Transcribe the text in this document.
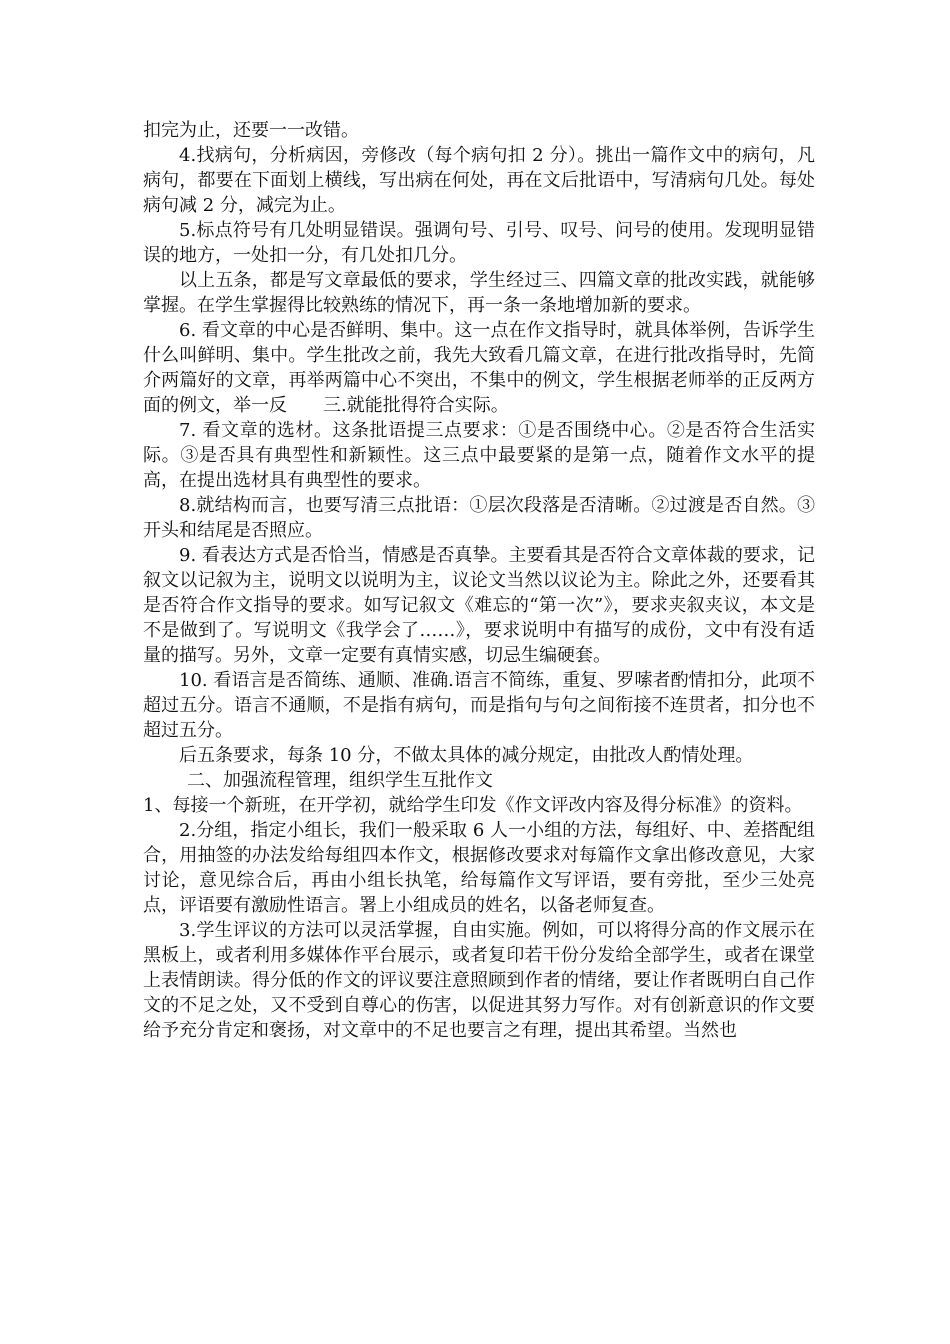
扣完为止，还要一一改错。

4.找病句，分析病因，旁修改（每个病句扣 2 分）。挑出一篇作文中的病句，凡病句，都要在下面划上横线，写出病在何处，再在文后批语中，写清病句几处。每处病句减 2 分，减完为止。

5.标点符号有几处明显错误。强调句号、引号、叹号、问号的使用。发现明显错误的地方，一处扣一分，有几处扣几分。

以上五条，都是写文章最低的要求，学生经过三、四篇文章的批改实践，就能够掌握。在学生掌握得比较熟练的情况下，再一条一条地增加新的要求。

6. 看文章的中心是否鲜明、集中。这一点在作文指导时，就具体举例，告诉学生什么叫鲜明、集中。学生批改之前，我先大致看几篇文章，在进行批改指导时，先简介两篇好的文章，再举两篇中心不突出，不集中的例文，学生根据老师举的正反两方面的例文，举一反　　三.就能批得符合实际。

7. 看文章的选材。这条批语提三点要求：①是否围绕中心。②是否符合生活实际。③是否具有典型性和新颖性。这三点中最要紧的是第一点，随着作文水平的提高，在提出选材具有典型性的要求。

8.就结构而言，也要写清三点批语：①层次段落是否清晰。②过渡是否自然。③开头和结尾是否照应。

9. 看表达方式是否恰当，情感是否真挚。主要看其是否符合文章体裁的要求，记叙文以记叙为主，说明文以说明为主，议论文当然以议论为主。除此之外，还要看其是否符合作文指导的要求。如写记叙文《难忘的“第一次”》，要求夹叙夹议，本文是不是做到了。写说明文《我学会了……》，要求说明中有描写的成份，文中有没有适量的描写。另外，文章一定要有真情实感，切忌生编硬套。

10. 看语言是否简练、通顺、准确.语言不简练，重复、罗嗦者酌情扣分，此项不超过五分。语言不通顺，不是指有病句，而是指句与句之间衔接不连贯者，扣分也不超过五分。

后五条要求，每条 10 分，不做太具体的减分规定，由批改人酌情处理。

二、加强流程管理，组织学生互批作文

1、每接一个新班，在开学初，就给学生印发《作文评改内容及得分标准》的资料。

2.分组，指定小组长，我们一般采取 6 人一小组的方法，每组好、中、差搭配组合，用抽签的办法发给每组四本作文，根据修改要求对每篇作文拿出修改意见，大家讨论，意见综合后，再由小组长执笔，给每篇作文写评语，要有旁批，至少三处亮点，评语要有激励性语言。署上小组成员的姓名，以备老师复查。

3.学生评议的方法可以灵活掌握，自由实施。例如，可以将得分高的作文展示在黑板上，或者利用多媒体作平台展示，或者复印若干份分发给全部学生，或者在课堂上表情朗读。得分低的作文的评议要注意照顾到作者的情绪，要让作者既明白自己作文的不足之处，又不受到自尊心的伤害，以促进其努力写作。对有创新意识的作文要给予充分肯定和褒扬，对文章中的不足也要言之有理，提出其希望。当然也
